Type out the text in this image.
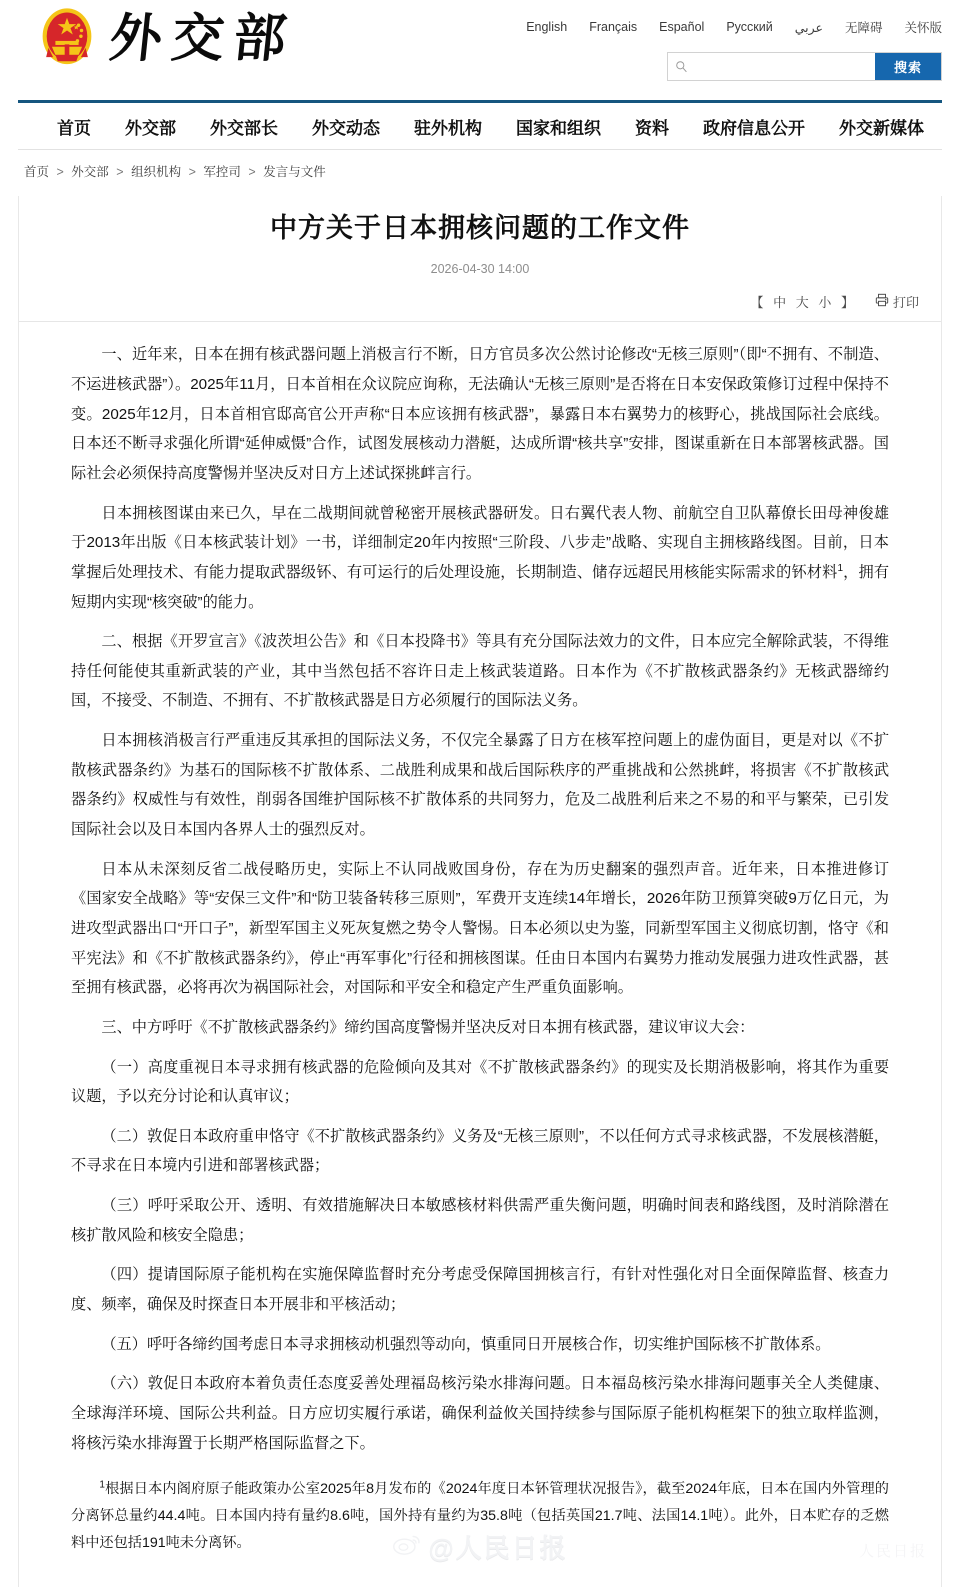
外交部	English Français Español Русский عربي 无障碍 关怀版
搜索
首页	外交部	外交部长	外交动态	驻外机构	国家和组织	资料	政府信息公开	外交新媒体
首页 > 外交部 > 组织机构 > 军控司 > 发言与文件
中方关于日本拥核问题的工作文件
2026-04-30 14:00
【 中 大 小 】	打印

一、近年来，日本在拥有核武器问题上消极言行不断，日方官员多次公然讨论修改“无核三原则”（即“不拥有、不制造、不运进核武器”）。2025年11月，日本首相在众议院应询称，无法确认“无核三原则”是否将在日本安保政策修订过程中保持不变。2025年12月，日本首相官邸高官公开声称“日本应该拥有核武器”，暴露日本右翼势力的核野心，挑战国际社会底线。日本还不断寻求强化所谓“延伸威慑”合作，试图发展核动力潜艇，达成所谓“核共享”安排，图谋重新在日本部署核武器。国际社会必须保持高度警惕并坚决反对日方上述试探挑衅言行。

日本拥核图谋由来已久，早在二战期间就曾秘密开展核武器研发。日右翼代表人物、前航空自卫队幕僚长田母神俊雄于2013年出版《日本核武装计划》一书，详细制定20年内按照“三阶段、八步走”战略、实现自主拥核路线图。目前，日本掌握后处理技术、有能力提取武器级钚、有可运行的后处理设施，长期制造、储存远超民用核能实际需求的钚材料$^1$，拥有短期内实现“核突破”的能力。

二、根据《开罗宣言》《波茨坦公告》和《日本投降书》等具有充分国际法效力的文件，日本应完全解除武装，不得维持任何能使其重新武装的产业，其中当然包括不容许日走上核武装道路。日本作为《不扩散核武器条约》无核武器缔约国，不接受、不制造、不拥有、不扩散核武器是日方必须履行的国际法义务。

日本拥核消极言行严重违反其承担的国际法义务，不仅完全暴露了日方在核军控问题上的虚伪面目，更是对以《不扩散核武器条约》为基石的国际核不扩散体系、二战胜利成果和战后国际秩序的严重挑战和公然挑衅，将损害《不扩散核武器条约》权威性与有效性，削弱各国维护国际核不扩散体系的共同努力，危及二战胜利后来之不易的和平与繁荣，已引发国际社会以及日本国内各界人士的强烈反对。

日本从未深刻反省二战侵略历史，实际上不认同战败国身份，存在为历史翻案的强烈声音。近年来，日本推进修订《国家安全战略》等“安保三文件”和“防卫装备转移三原则”，军费开支连续14年增长，2026年防卫预算突破9万亿日元，为进攻型武器出口“开口子”，新型军国主义死灰复燃之势令人警惕。日本必须以史为鉴，同新型军国主义彻底切割，恪守《和平宪法》和《不扩散核武器条约》，停止“再军事化”行径和拥核图谋。任由日本国内右翼势力推动发展强力进攻性武器，甚至拥有核武器，必将再次为祸国际社会，对国际和平安全和稳定产生严重负面影响。

三、中方呼吁《不扩散核武器条约》缔约国高度警惕并坚决反对日本拥有核武器，建议审议大会：

（一）高度重视日本寻求拥有核武器的危险倾向及其对《不扩散核武器条约》的现实及长期消极影响，将其作为重要议题，予以充分讨论和认真审议；

（二）敦促日本政府重申恪守《不扩散核武器条约》义务及“无核三原则”，不以任何方式寻求核武器，不发展核潜艇，不寻求在日本境内引进和部署核武器；

（三）呼吁采取公开、透明、有效措施解决日本敏感核材料供需严重失衡问题，明确时间表和路线图，及时消除潜在核扩散风险和核安全隐患；

（四）提请国际原子能机构在实施保障监督时充分考虑受保障国拥核言行，有针对性强化对日全面保障监督、核查力度、频率，确保及时探查日本开展非和平核活动；

（五）呼吁各缔约国考虑日本寻求拥核动机强烈等动向，慎重同日开展核合作，切实维护国际核不扩散体系。

（六）敦促日本政府本着负责任态度妥善处理福岛核污染水排海问题。日本福岛核污染水排海问题事关全人类健康、全球海洋环境、国际公共利益。日方应切实履行承诺，确保利益攸关国持续参与国际原子能机构框架下的独立取样监测，将核污染水排海置于长期严格国际监督之下。

$^1$根据日本内阁府原子能政策办公室2025年8月发布的《2024年度日本钚管理状况报告》，截至2024年底，日本在国内外管理的分离钚总量约44.4吨。日本国内持有量约8.6吨，国外持有量约为35.8吨（包括英国21.7吨、法国14.1吨）。此外，日本贮存的乏燃料中还包括191吨未分离钚。	@人民日报	人民日报
